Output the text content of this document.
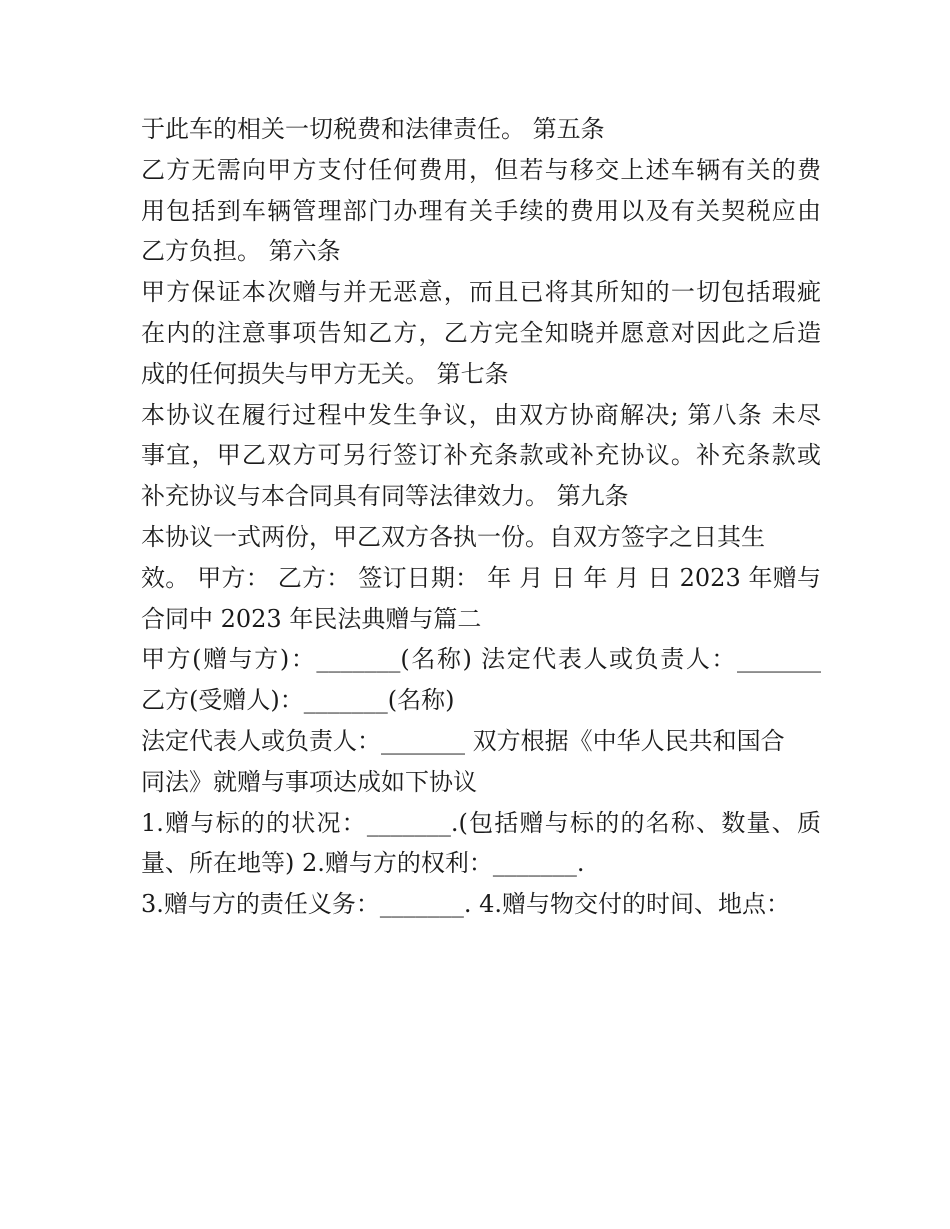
于此车的相关一切税费和法律责任。 第五条
乙方无需向甲方支付任何费用，但若与移交上述车辆有关的费
用包括到车辆管理部门办理有关手续的费用以及有关契税应由
乙方负担。 第六条
甲方保证本次赠与并无恶意，而且已将其所知的一切包括瑕疵
在内的注意事项告知乙方，乙方完全知晓并愿意对因此之后造
成的任何损失与甲方无关。 第七条
本协议在履行过程中发生争议，由双方协商解决; 第八条 未尽
事宜，甲乙双方可另行签订补充条款或补充协议。补充条款或
补充协议与本合同具有同等法律效力。 第九条
本协议一式两份，甲乙双方各执一份。自双方签字之日其生
效。 甲方： 乙方： 签订日期： 年 月 日 年 月 日 2023 年赠与
合同中 2023 年民法典赠与篇二
甲方(赠与方)：_______(名称) 法定代表人或负责人：_______
乙方(受赠人)：_______(名称)
法定代表人或负责人：_______ 双方根据《中华人民共和国合
同法》就赠与事项达成如下协议
1.赠与标的的状况：_______.(包括赠与标的的名称、数量、质
量、所在地等) 2.赠与方的权利：_______.
3.赠与方的责任义务：_______. 4.赠与物交付的时间、地点：
